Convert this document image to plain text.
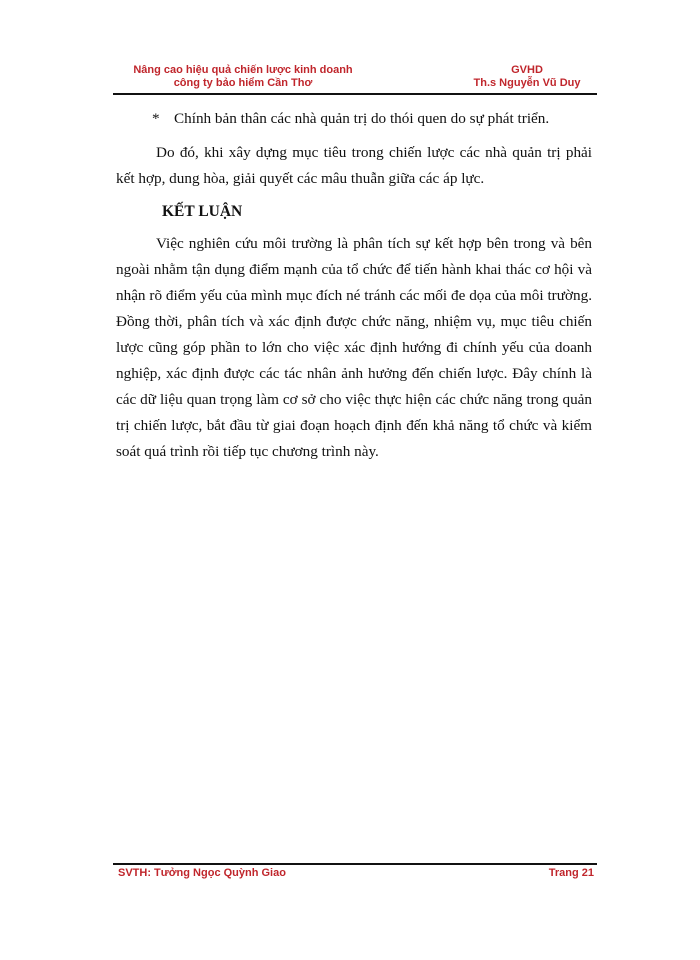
Nâng cao hiệu quả chiến lược kinh doanh
công ty bảo hiểm Cần Thơ
GVHD
Th.s Nguyễn Vũ Duy
* Chính bản thân các nhà quản trị do thói quen do sự phát triển.

Do đó, khi xây dựng mục tiêu trong chiến lược các nhà quản trị phải kết hợp, dung hòa, giải quyết các mâu thuẫn giữa các áp lực.

KẾT LUẬN

Việc nghiên cứu môi trường là phân tích sự kết hợp bên trong và bên ngoài nhằm tận dụng điểm mạnh của tổ chức để tiến hành khai thác cơ hội và nhận rõ điểm yếu của mình mục đích né tránh các mối đe dọa của môi trường. Đồng thời, phân tích và xác định được chức năng, nhiệm vụ, mục tiêu chiến lược cũng góp phần to lớn cho việc xác định hướng đi chính yếu của doanh nghiệp, xác định được các tác nhân ảnh hưởng đến chiến lược. Đây chính là các dữ liệu quan trọng làm cơ sở cho việc thực hiện các chức năng trong quản trị chiến lược, bắt đầu từ giai đoạn hoạch định đến khả năng tổ chức và kiểm soát quá trình rồi tiếp tục chương trình này.

SVTH: Tưởng Ngọc Quỳnh Giao	Trang 21
